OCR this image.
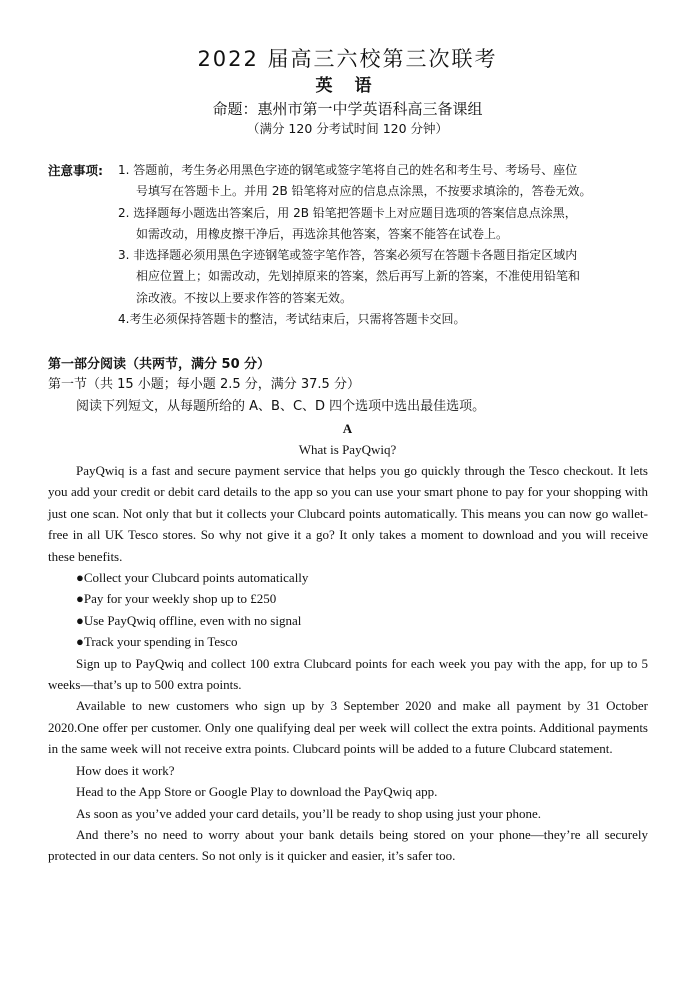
2022 届高三六校第三次联考
英 语
命题：惠州市第一中学英语科高三备课组
（满分 120 分考试时间 120 分钟）
注意事项: 1. 答题前，考生务必用黑色字迹的钢笔或签字笔将自己的姓名和考生号、考场号、座位
号填写在答题卡上。并用 2B 铅笔将对应的信息点涂黑，不按要求填涂的，答卷无效。
2. 选择题每小题选出答案后，用 2B 铅笔把答题卡上对应题目选项的答案信息点涂黑，
如需改动，用橡皮擦干净后，再选涂其他答案，答案不能答在试卷上。
3. 非选择题必须用黑色字迹钢笔或签字笔作答，答案必须写在答题卡各题目指定区域内
相应位置上；如需改动，先划掉原来的答案，然后再写上新的答案，不准使用铅笔和
涂改液。不按以上要求作答的答案无效。
4.考生必须保持答题卡的整洁，考试结束后，只需将答题卡交回。
第一部分阅读（共两节，满分 50 分）
第一节（共 15 小题；每小题 2.5 分，满分 37.5 分）
阅读下列短文，从每题所给的 A、B、C、D 四个选项中选出最佳选项。
A
What is PayQwiq?

PayQwiq is a fast and secure payment service that helps you go quickly through the Tesco checkout. It lets you add your credit or debit card details to the app so you can use your smart phone to pay for your shopping with just one scan. Not only that but it collects your Clubcard points automatically. This means you can now go wallet-free in all UK Tesco stores. So why not give it a go? It only takes a moment to download and you will receive these benefits.

●Collect your Clubcard points automatically

●Pay for your weekly shop up to £250

●Use PayQwiq offline, even with no signal

●Track your spending in Tesco

Sign up to PayQwiq and collect 100 extra Clubcard points for each week you pay with the app, for up to 5 weeks—that’s up to 500 extra points.

Available to new customers who sign up by 3 September 2020 and make all payment by 31 October 2020.One offer per customer. Only one qualifying deal per week will collect the extra points. Additional payments in the same week will not receive extra points. Clubcard points will be added to a future Clubcard statement.

How does it work?

Head to the App Store or Google Play to download the PayQwiq app.

As soon as you’ve added your card details, you’ll be ready to shop using just your phone.

And there’s no need to worry about your bank details being stored on your phone—they’re all securely protected in our data centers. So not only is it quicker and easier, it’s safer too.
